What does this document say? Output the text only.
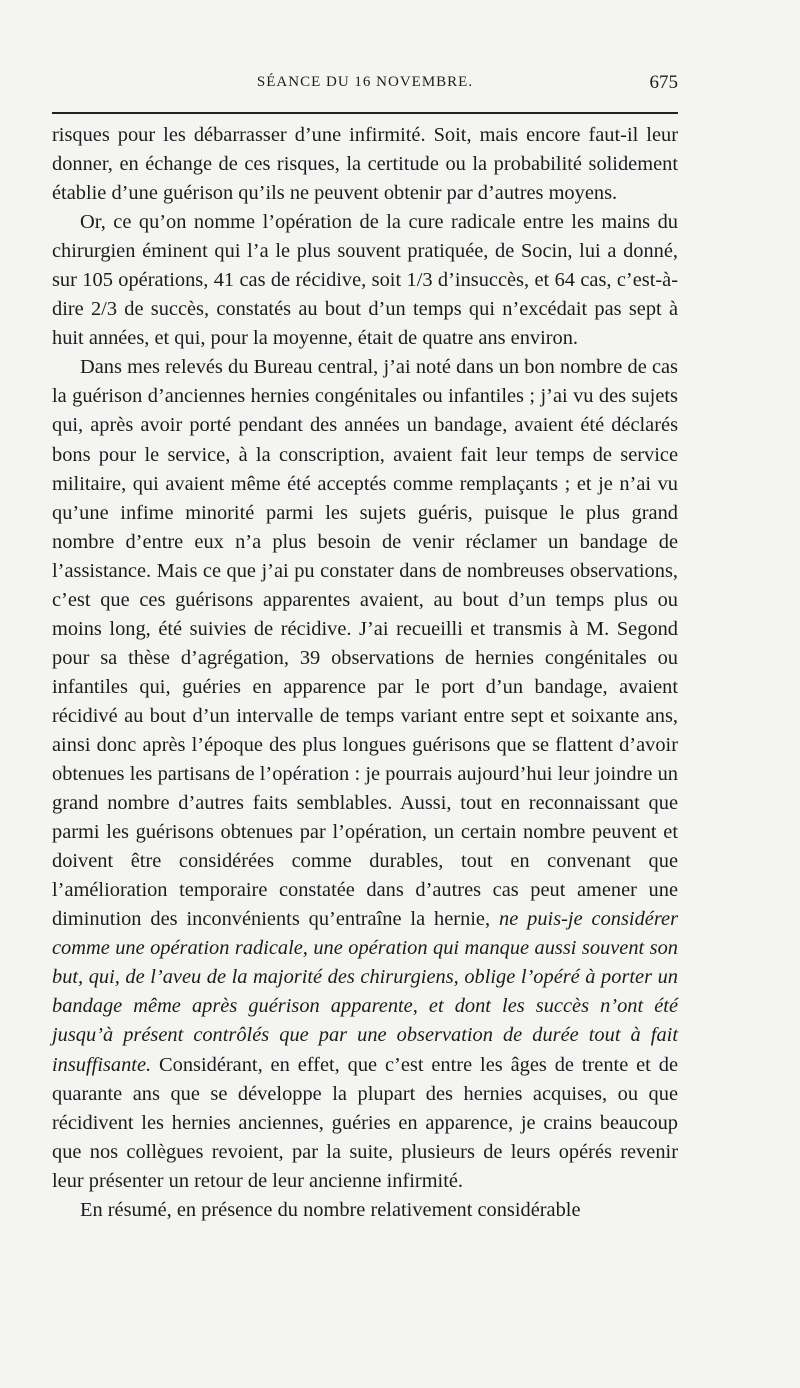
SÉANCE DU 16 NOVEMBRE.	675

risques pour les débarrasser d’une infirmité. Soit, mais encore faut-il leur donner, en échange de ces risques, la certitude ou la probabilité solidement établie d’une guérison qu’ils ne peuvent obtenir par d’autres moyens.

Or, ce qu’on nomme l’opération de la cure radicale entre les mains du chirurgien éminent qui l’a le plus souvent pratiquée, de Socin, lui a donné, sur 105 opérations, 41 cas de récidive, soit 1/3 d’insuccès, et 64 cas, c’est-à-dire 2/3 de succès, constatés au bout d’un temps qui n’excédait pas sept à huit années, et qui, pour la moyenne, était de quatre ans environ.

Dans mes relevés du Bureau central, j’ai noté dans un bon nombre de cas la guérison d’anciennes hernies congénitales ou infantiles ; j’ai vu des sujets qui, après avoir porté pendant des années un bandage, avaient été déclarés bons pour le service, à la conscription, avaient fait leur temps de service militaire, qui avaient même été acceptés comme remplaçants ; et je n’ai vu qu’une infime minorité parmi les sujets guéris, puisque le plus grand nombre d’entre eux n’a plus besoin de venir réclamer un bandage de l’assistance. Mais ce que j’ai pu constater dans de nombreuses observations, c’est que ces guérisons apparentes avaient, au bout d’un temps plus ou moins long, été suivies de récidive. J’ai recueilli et transmis à M. Segond pour sa thèse d’agrégation, 39 observations de hernies congénitales ou infantiles qui, guéries en apparence par le port d’un bandage, avaient récidivé au bout d’un intervalle de temps variant entre sept et soixante ans, ainsi donc après l’époque des plus longues guérisons que se flattent d’avoir obtenues les partisans de l’opération : je pourrais aujourd’hui leur joindre un grand nombre d’autres faits semblables. Aussi, tout en reconnaissant que parmi les guérisons obtenues par l’opération, un certain nombre peuvent et doivent être considérées comme durables, tout en convenant que l’amélioration temporaire constatée dans d’autres cas peut amener une diminution des inconvénients qu’entraîne la hernie, ne puis-je considérer comme une opération radicale, une opération qui manque aussi souvent son but, qui, de l’aveu de la majorité des chirurgiens, oblige l’opéré à porter un bandage même après guérison apparente, et dont les succès n’ont été jusqu’à présent contrôlés que par une observation de durée tout à fait insuffisante. Considérant, en effet, que c’est entre les âges de trente et de quarante ans que se développe la plupart des hernies acquises, ou que récidivent les hernies anciennes, guéries en apparence, je crains beaucoup que nos collègues revoient, par la suite, plusieurs de leurs opérés revenir leur présenter un retour de leur ancienne infirmité.

En résumé, en présence du nombre relativement considérable
